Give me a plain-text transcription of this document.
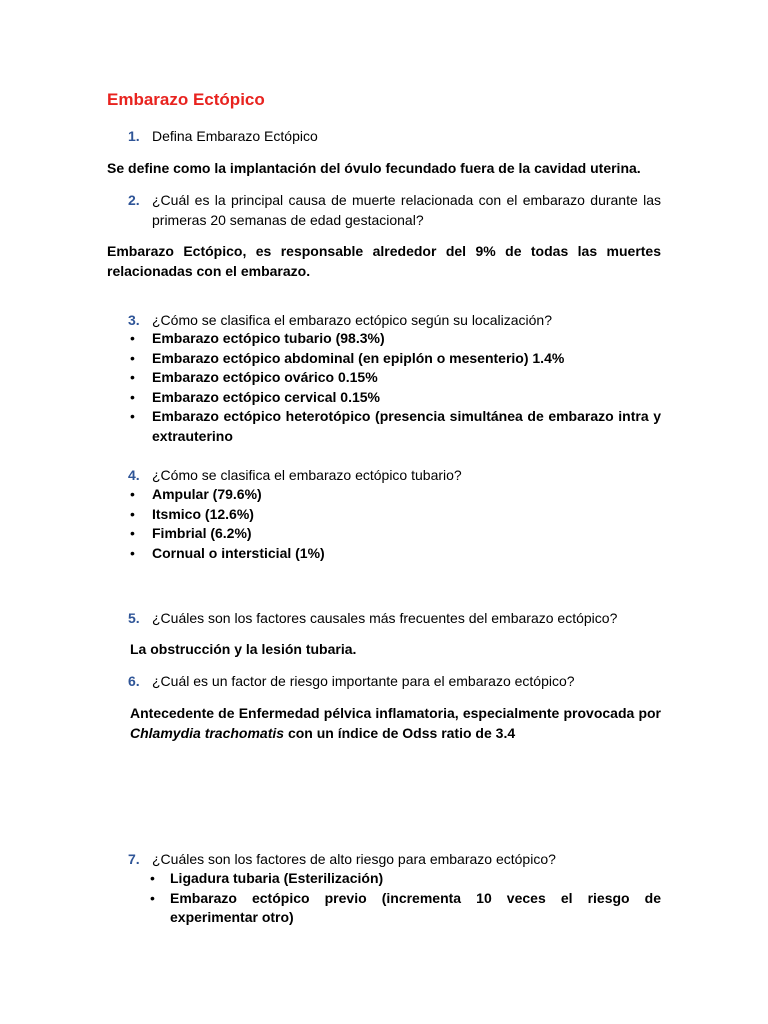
Embarazo Ectópico
1. Defina Embarazo Ectópico
Se define como la implantación del óvulo fecundado fuera de la cavidad uterina.
2. ¿Cuál es la principal causa de muerte relacionada con el embarazo durante las primeras 20 semanas de edad gestacional?
Embarazo Ectópico, es responsable alrededor del 9% de todas las muertes relacionadas con el embarazo.
3. ¿Cómo se clasifica el embarazo ectópico según su localización?
• Embarazo ectópico tubario (98.3%)
• Embarazo ectópico abdominal (en epiplón o mesenterio) 1.4%
• Embarazo ectópico ovárico 0.15%
• Embarazo ectópico cervical 0.15%
• Embarazo ectópico heterotópico (presencia simultánea de embarazo intra y extrauterino
4. ¿Cómo se clasifica el embarazo ectópico tubario?
• Ampular (79.6%)
• Itsmico (12.6%)
• Fimbrial (6.2%)
• Cornual o intersticial (1%)
5. ¿Cuáles son los factores causales más frecuentes del embarazo ectópico?
La obstrucción y la lesión tubaria.
6. ¿Cuál es un factor de riesgo importante para el embarazo ectópico?
Antecedente de Enfermedad pélvica inflamatoria, especialmente provocada por Chlamydia trachomatis con un índice de Odss ratio de 3.4
7. ¿Cuáles son los factores de alto riesgo para embarazo ectópico?
• Ligadura tubaria (Esterilización)
• Embarazo ectópico previo (incrementa 10 veces el riesgo de experimentar otro)
